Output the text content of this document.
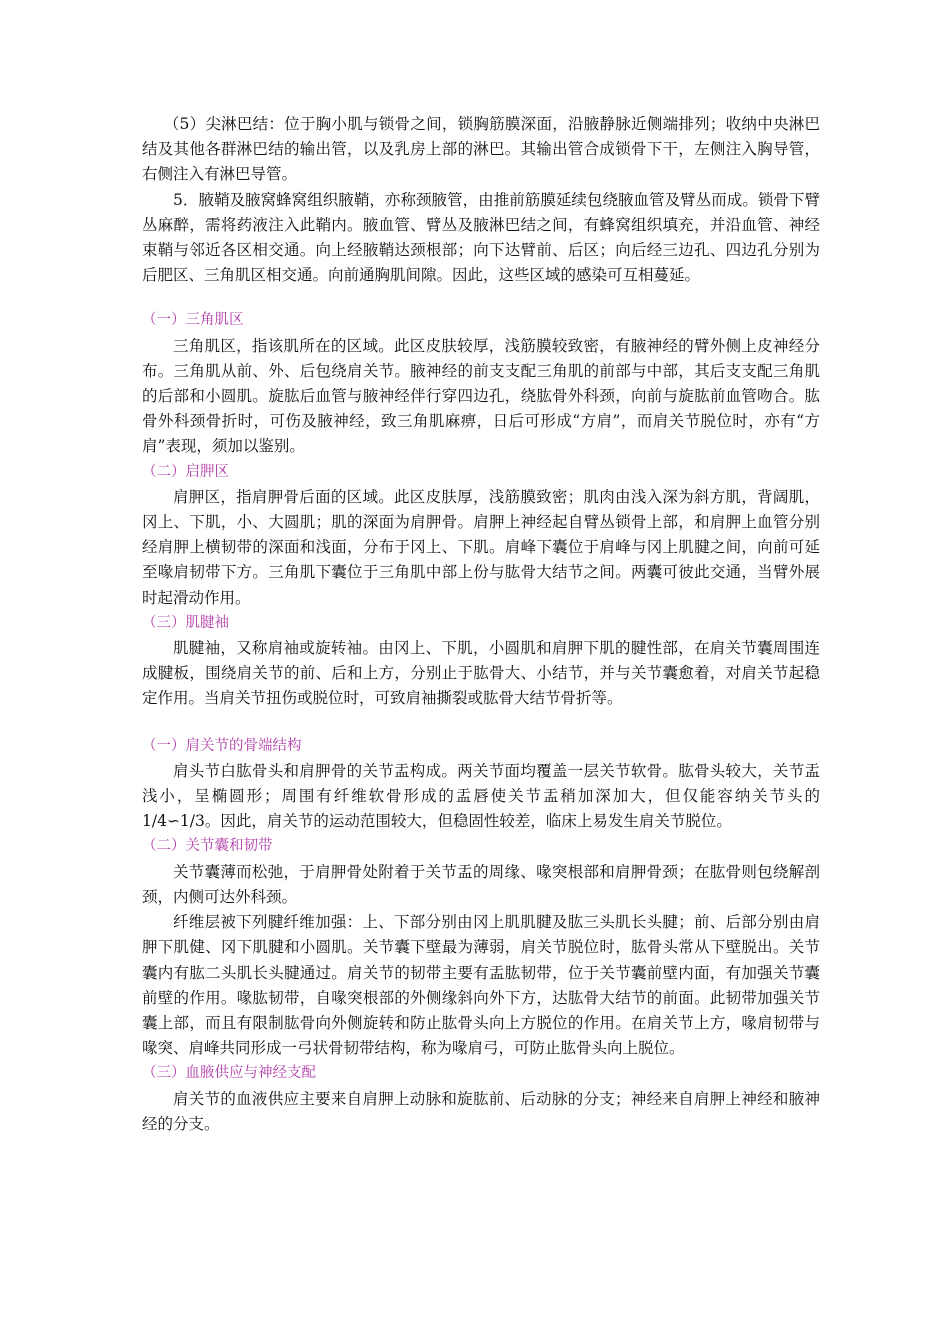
（5）尖淋巴结：位于胸小肌与锁骨之间，锁胸筋膜深面，沿腋静脉近侧端排列；收纳中央淋巴结及其他各群淋巴结的输出管，以及乳房上部的淋巴。其输出管合成锁骨下干，左侧注入胸导管，右侧注入有淋巴导管。

5．腋鞘及腋窝蜂窝组织腋鞘，亦称颈腋管，由推前筋膜延续包绕腋血管及臂丛而成。锁骨下臂丛麻醉，需将药液注入此鞘内。腋血管、臂丛及腋淋巴结之间，有蜂窝组织填充，并沿血管、神经束鞘与邻近各区相交通。向上经腋鞘达颈根部；向下达臂前、后区；向后经三边孔、四边孔分别为后肥区、三角肌区相交通。向前通胸肌间隙。因此，这些区域的感染可互相蔓延。

（一）三角肌区

三角肌区，指该肌所在的区域。此区皮肤较厚，浅筋膜较致密，有腋神经的臂外侧上皮神经分布。三角肌从前、外、后包绕肩关节。腋神经的前支支配三角肌的前部与中部，其后支支配三角肌的后部和小圆肌。旋肱后血管与腋神经伴行穿四边孔，绕肱骨外科颈，向前与旋肱前血管吻合。肱骨外科颈骨折时，可伤及腋神经，致三角肌麻痹，日后可形成“方肩”，而肩关节脱位时，亦有“方肩”表现，须加以鉴别。

（二）启胛区

肩胛区，指肩胛骨后面的区域。此区皮肤厚，浅筋膜致密；肌肉由浅入深为斜方肌，背阔肌，冈上、下肌，小、大圆肌；肌的深面为肩胛骨。肩胛上神经起自臂丛锁骨上部，和肩胛上血管分别经肩胛上横韧带的深面和浅面，分布于冈上、下肌。肩峰下囊位于肩峰与冈上肌腱之间，向前可延至喙肩韧带下方。三角肌下囊位于三角肌中部上份与肱骨大结节之间。两囊可彼此交通，当臂外展时起滑动作用。

（三）肌腱袖

肌腱袖，又称肩袖或旋转袖。由冈上、下肌，小圆肌和肩胛下肌的腱性部，在肩关节囊周围连成腱板，围绕肩关节的前、后和上方，分别止于肱骨大、小结节，并与关节囊愈着，对肩关节起稳定作用。当肩关节扭伤或脱位时，可致肩袖撕裂或肱骨大结节骨折等。

（一）肩关节的骨端结构

肩头节白肱骨头和肩胛骨的关节盂构成。两关节面均覆盖一层关节软骨。肱骨头较大，关节盂浅小，呈椭圆形；周围有纤维软骨形成的盂唇使关节盂稍加深加大，但仅能容纳关节头的1/4∽1/3。因此，肩关节的运动范围较大，但稳固性较差，临床上易发生肩关节脱位。

（二）关节囊和韧带

关节囊薄而松弛，于肩胛骨处附着于关节盂的周缘、喙突根部和肩胛骨颈；在肱骨则包绕解剖颈，内侧可达外科颈。

纤维层被下列腱纤维加强：上、下部分别由冈上肌肌腱及肱三头肌长头腱；前、后部分别由肩胛下肌健、冈下肌腱和小圆肌。关节囊下壁最为薄弱，肩关节脱位时，肱骨头常从下壁脱出。关节囊内有肱二头肌长头腱通过。肩关节的韧带主要有盂肱韧带，位于关节囊前壁内面，有加强关节囊前壁的作用。喙肱韧带，自喙突根部的外侧缘斜向外下方，达肱骨大结节的前面。此韧带加强关节囊上部，而且有限制肱骨向外侧旋转和防止肱骨头向上方脱位的作用。在肩关节上方，喙肩韧带与喙突、肩峰共同形成一弓状骨韧带结构，称为喙肩弓，可防止肱骨头向上脱位。

（三）血腋供应与神经支配

肩关节的血液供应主要来自肩胛上动脉和旋肱前、后动脉的分支；神经来自肩胛上神经和腋神经的分支。
